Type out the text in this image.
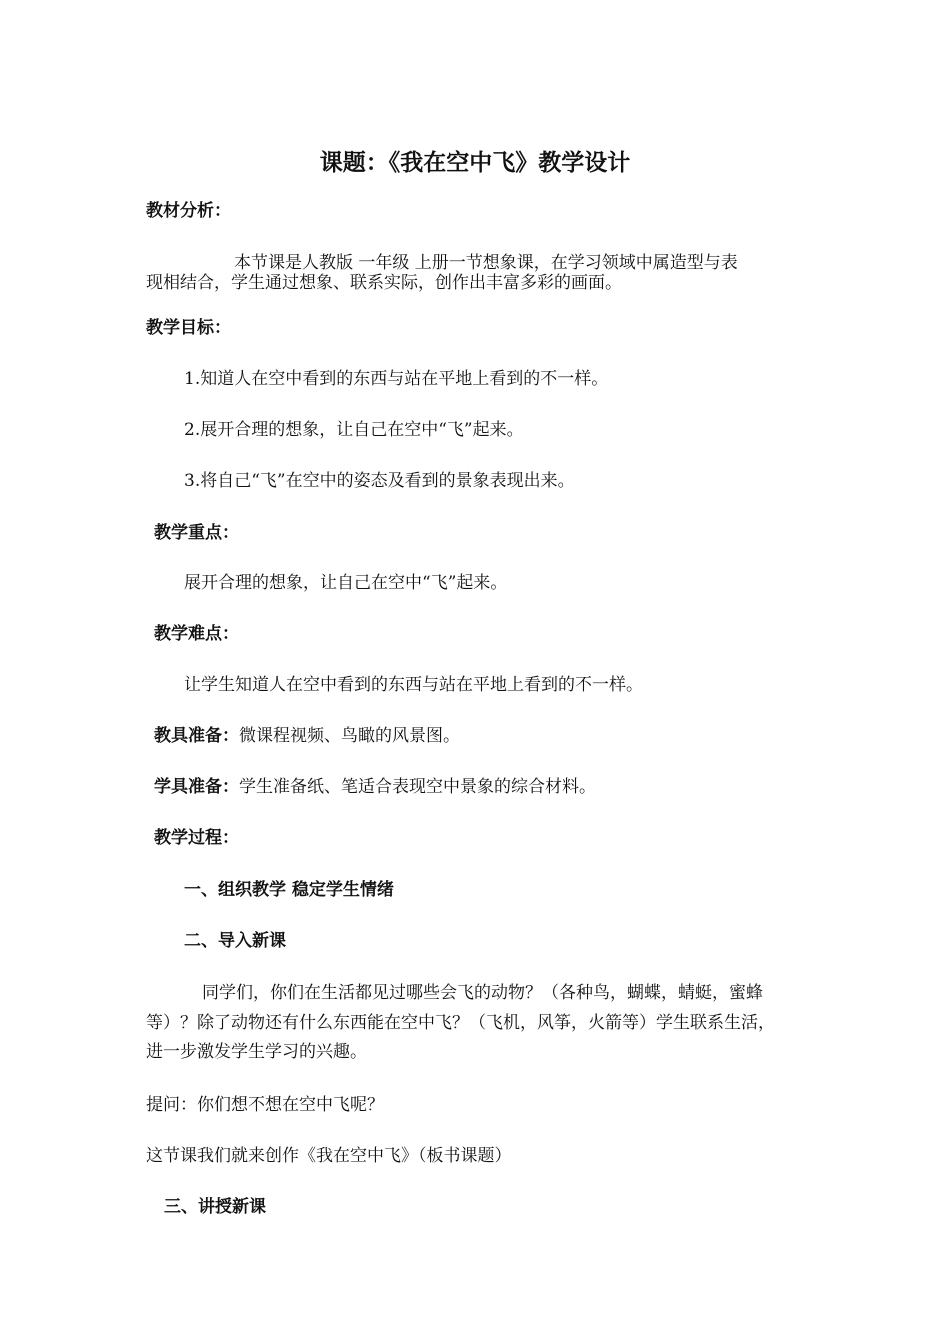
课题：《我在空中飞》教学设计
教材分析：
本节课是人教版 一年级 上册一节想象课，在学习领域中属造型与表
现相结合，学生通过想象、联系实际，创作出丰富多彩的画面。
教学目标：
1.知道人在空中看到的东西与站在平地上看到的不一样。
2.展开合理的想象，让自己在空中“飞”起来。
3.将自己“飞”在空中的姿态及看到的景象表现出来。
教学重点：
展开合理的想象，让自己在空中“飞”起来。
教学难点：
让学生知道人在空中看到的东西与站在平地上看到的不一样。
教具准备：微课程视频、鸟瞰的风景图。
学具准备：学生准备纸、笔适合表现空中景象的综合材料。
教学过程：
一、组织教学 稳定学生情绪
二、导入新课
同学们，你们在生活都见过哪些会飞的动物？（各种鸟，蝴蝶，蜻蜓，蜜蜂
等）？除了动物还有什么东西能在空中飞？（飞机，风筝，火箭等）学生联系生活，
进一步激发学生学习的兴趣。
提问：你们想不想在空中飞呢？
这节课我们就来创作《我在空中飞》（板书课题）
三、讲授新课
